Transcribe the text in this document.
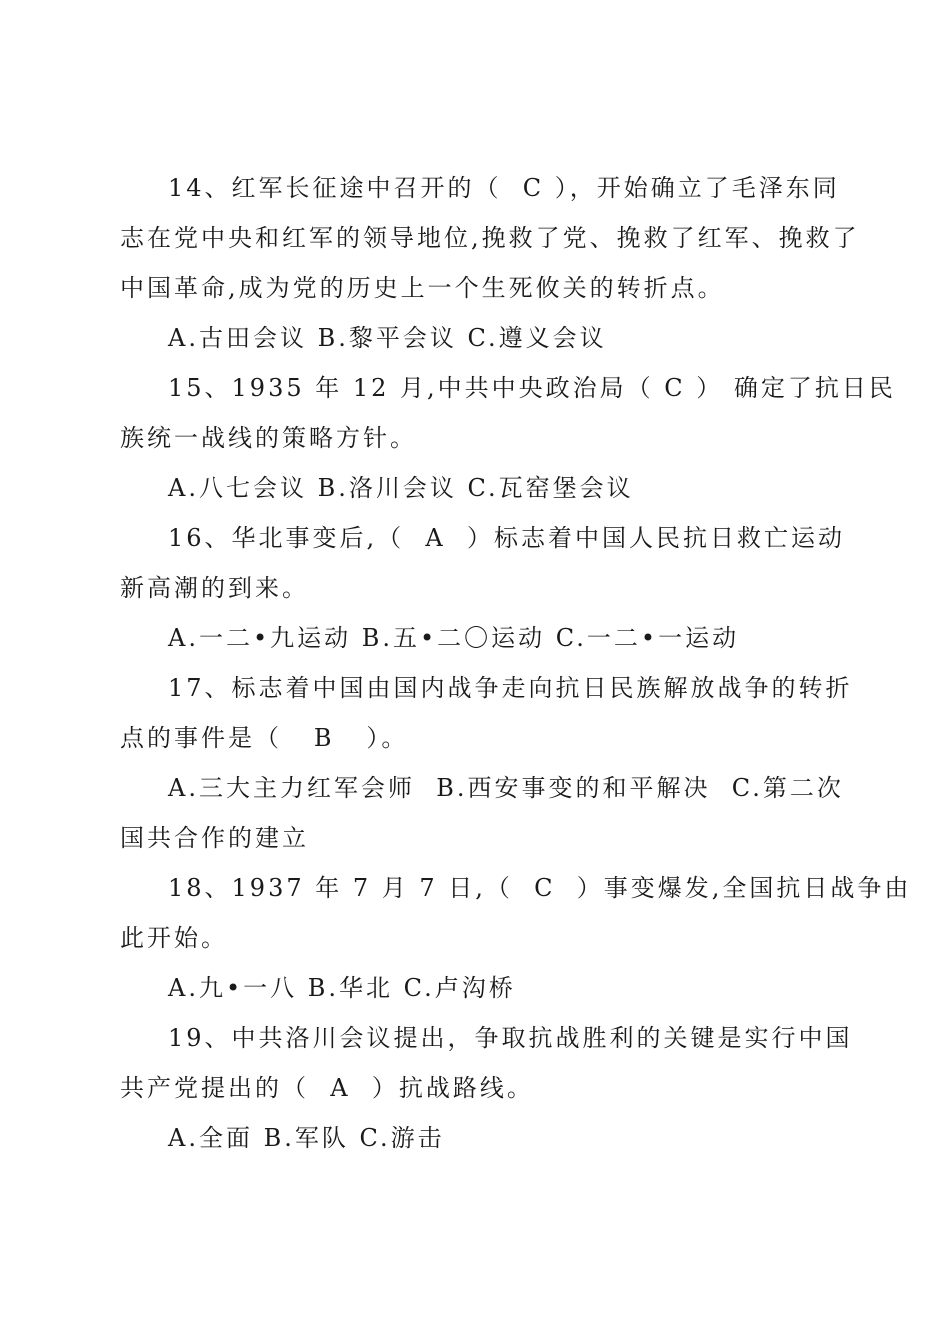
14、红军长征途中召开的（  C ），开始确立了毛泽东同
志在党中央和红军的领导地位,挽救了党、挽救了红军、挽救了
中国革命,成为党的历史上一个生死攸关的转折点。
A.古田会议 B.黎平会议 C.遵义会议
15、1935 年 12 月,中共中央政治局（ C ） 确定了抗日民
族统一战线的策略方针。
A.八七会议 B.洛川会议 C.瓦窑堡会议
16、华北事变后,（  A  ）标志着中国人民抗日救亡运动
新高潮的到来。
A.一二•九运动 B.五•二〇运动 C.一二•一运动
17、标志着中国由国内战争走向抗日民族解放战争的转折
点的事件是（   B   ）。
A.三大主力红军会师  B.西安事变的和平解决  C.第二次
国共合作的建立
18、1937 年 7 月 7 日,（  C  ）事变爆发,全国抗日战争由
此开始。
A.九•一八 B.华北 C.卢沟桥
19、中共洛川会议提出，争取抗战胜利的关键是实行中国
共产党提出的（  A  ）抗战路线。
A.全面 B.军队 C.游击
